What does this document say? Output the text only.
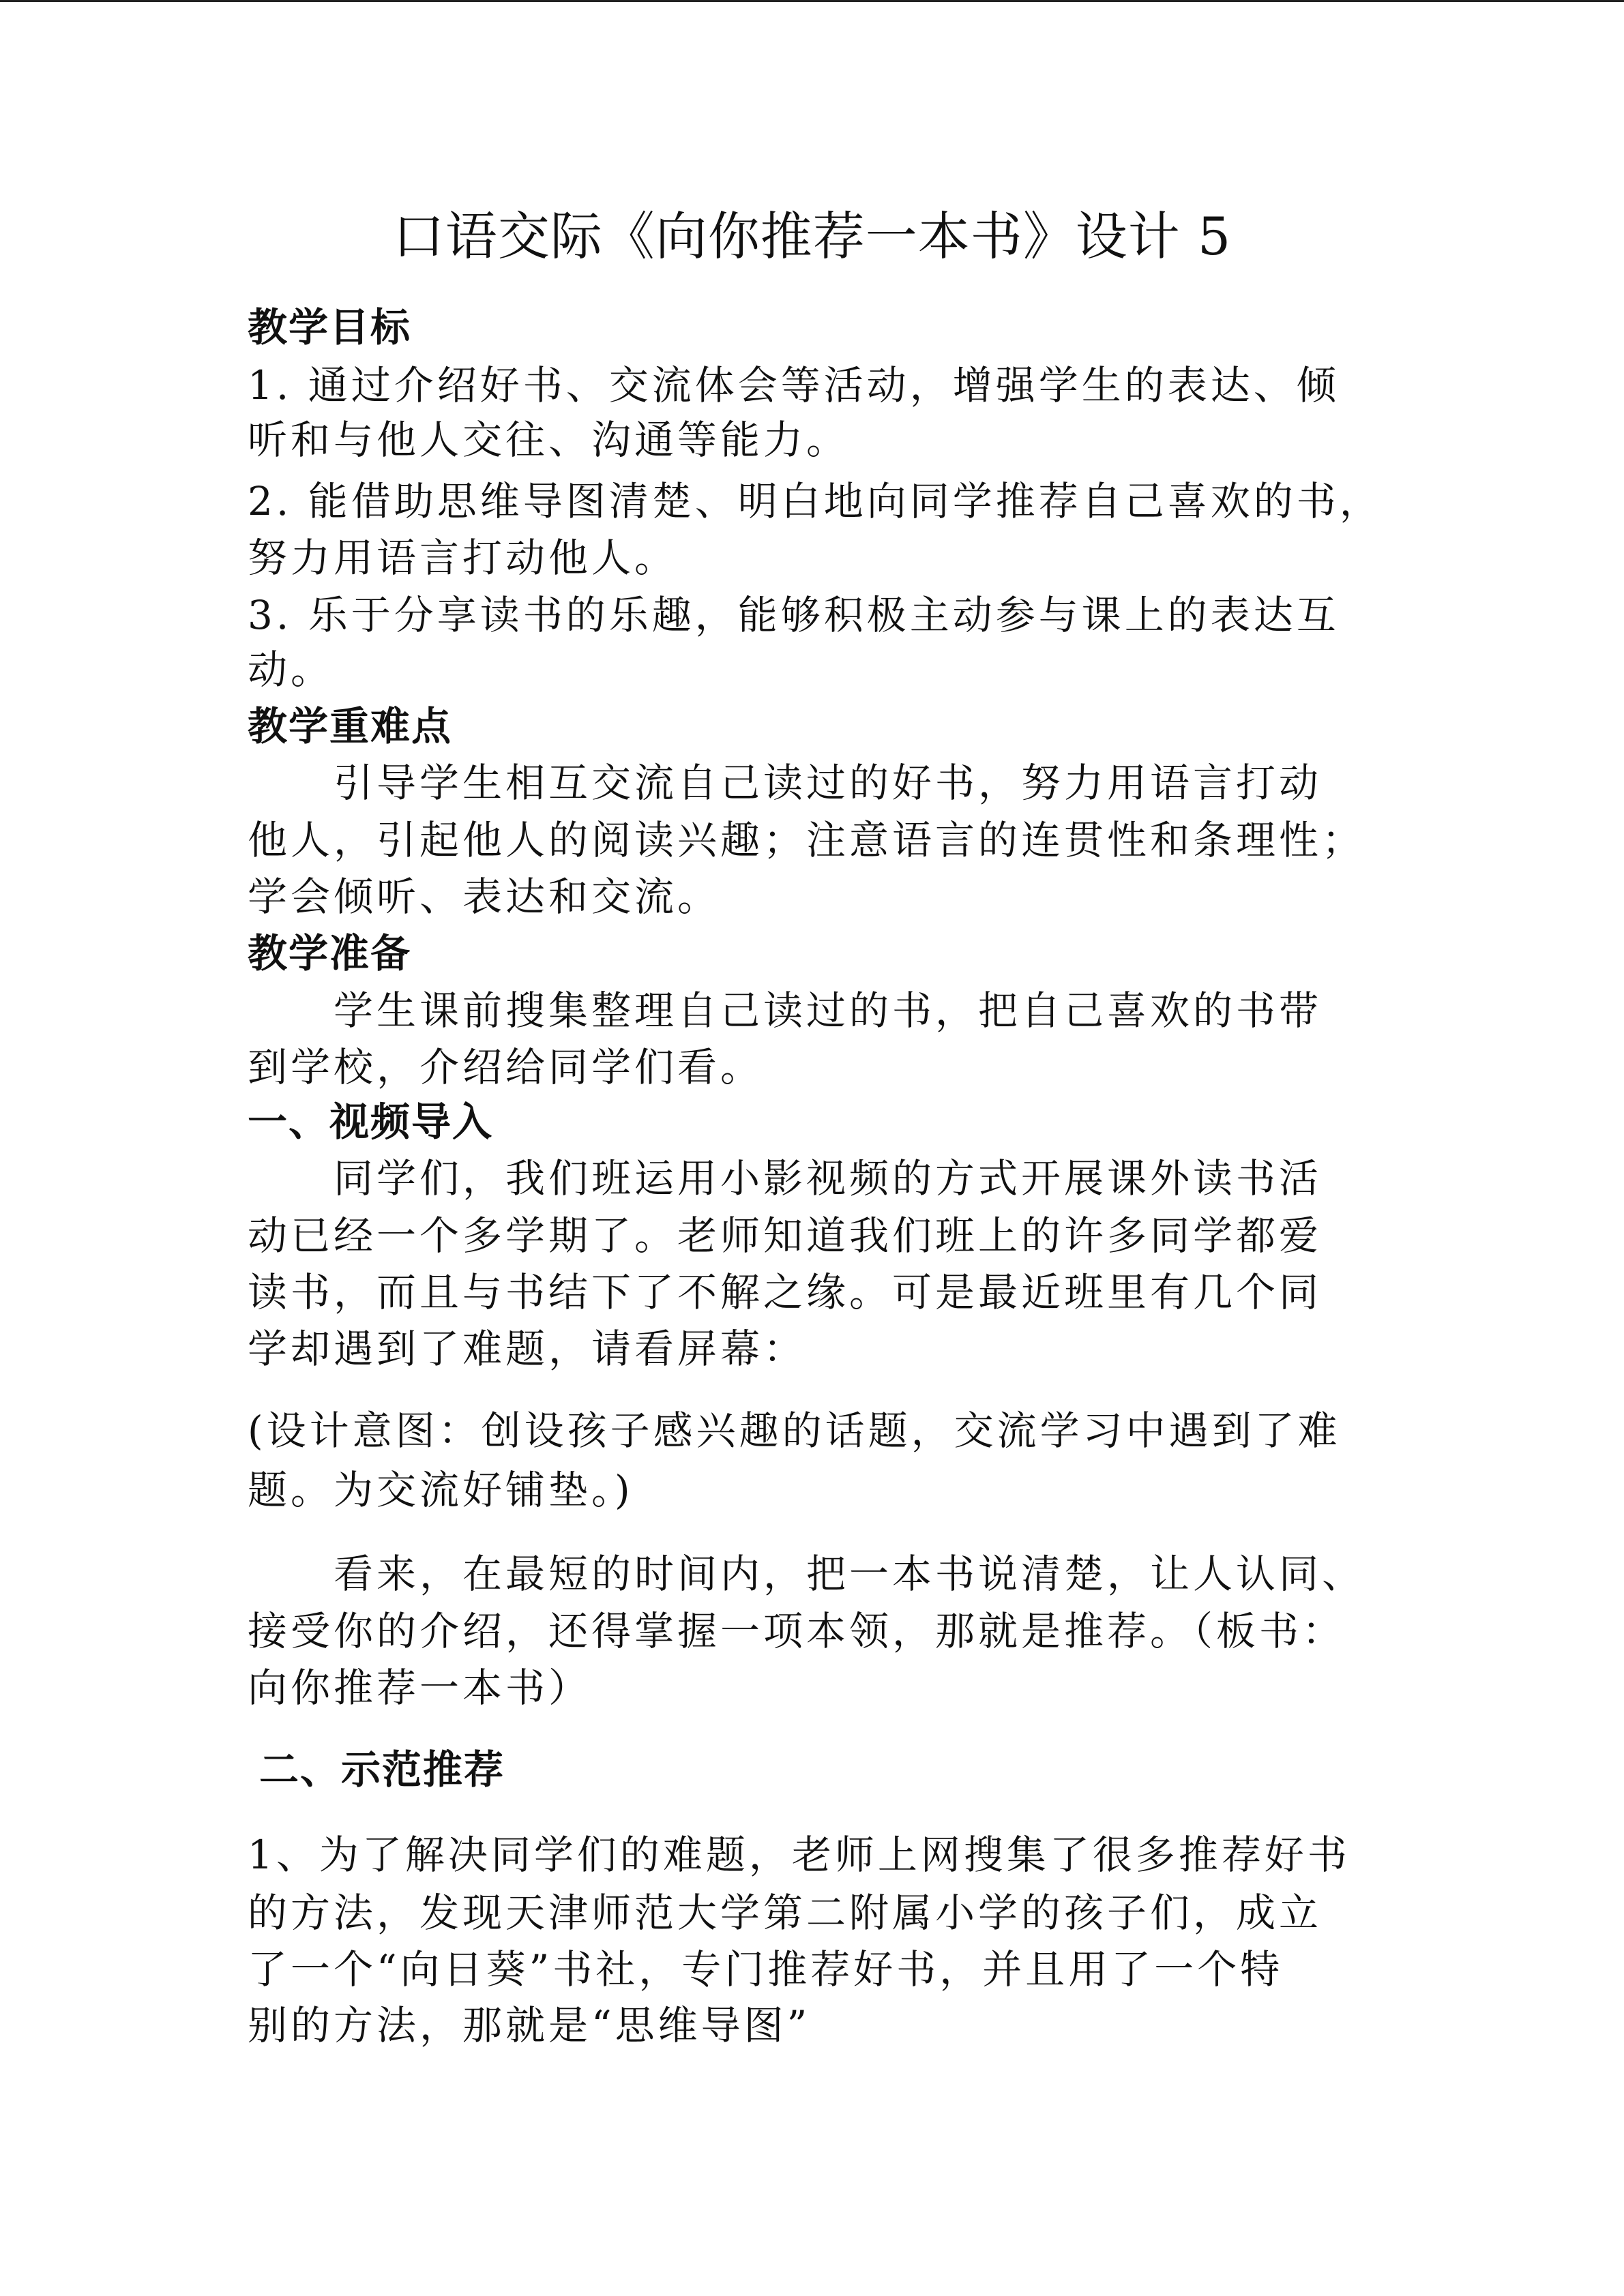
口语交际《向你推荐一本书》设计 5

教学目标

1. 通过介绍好书、交流体会等活动，增强学生的表达、倾

听和与他人交往、沟通等能力。

2. 能借助思维导图清楚、明白地向同学推荐自己喜欢的书，

努力用语言打动他人。

3. 乐于分享读书的乐趣，能够积极主动参与课上的表达互

动。

教学重难点

引导学生相互交流自己读过的好书，努力用语言打动

他人，引起他人的阅读兴趣；注意语言的连贯性和条理性；

学会倾听、表达和交流。

教学准备

学生课前搜集整理自己读过的书，把自己喜欢的书带

到学校，介绍给同学们看。

一、视频导入

同学们，我们班运用小影视频的方式开展课外读书活

动已经一个多学期了。老师知道我们班上的许多同学都爱

读书，而且与书结下了不解之缘。可是最近班里有几个同

学却遇到了难题，请看屏幕：

(设计意图：创设孩子感兴趣的话题，交流学习中遇到了难

题。为交流好铺垫。)

看来，在最短的时间内，把一本书说清楚，让人认同、

接受你的介绍，还得掌握一项本领，那就是推荐。（板书：

向你推荐一本书）

二、示范推荐

1、为了解决同学们的难题，老师上网搜集了很多推荐好书

的方法，发现天津师范大学第二附属小学的孩子们，成立

了一个“向日葵”书社，专门推荐好书，并且用了一个特

别的方法，那就是“思维导图”
